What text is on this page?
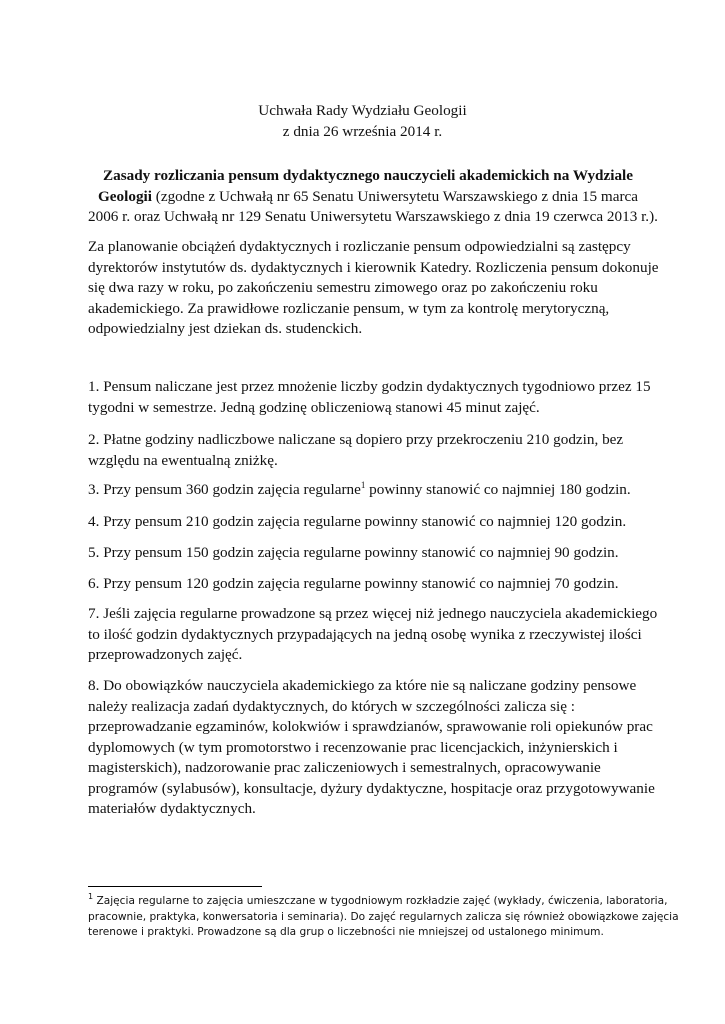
Uchwała Rady Wydziału Geologii
z dnia 26 września 2014 r.
Zasady rozliczania pensum dydaktycznego nauczycieli akademickich na Wydziale
Geologii (zgodne z Uchwałą nr 65 Senatu Uniwersytetu Warszawskiego z dnia 15 marca
2006 r. oraz Uchwałą nr 129 Senatu Uniwersytetu Warszawskiego z dnia 19 czerwca 2013 r.).
Za planowanie obciążeń dydaktycznych i rozliczanie pensum odpowiedzialni są zastępcy
dyrektorów instytutów ds. dydaktycznych i kierownik Katedry. Rozliczenia pensum dokonuje
się dwa razy w roku, po zakończeniu semestru zimowego oraz po zakończeniu roku
akademickiego. Za prawidłowe rozliczanie pensum, w tym za kontrolę merytoryczną,
odpowiedzialny jest dziekan ds. studenckich.
1. Pensum naliczane jest przez mnożenie liczby godzin dydaktycznych tygodniowo przez 15
tygodni w semestrze. Jedną godzinę obliczeniową stanowi 45 minut zajęć.
2. Płatne godziny nadliczbowe naliczane są dopiero przy przekroczeniu 210 godzin, bez
względu na ewentualną zniżkę.
3. Przy pensum 360 godzin zajęcia regularne$^1$ powinny stanowić co najmniej 180 godzin.
4. Przy pensum 210 godzin zajęcia regularne powinny stanowić co najmniej 120 godzin.
5. Przy pensum 150 godzin zajęcia regularne powinny stanowić co najmniej 90 godzin.
6. Przy pensum 120 godzin zajęcia regularne powinny stanowić co najmniej 70 godzin.
7. Jeśli zajęcia regularne prowadzone są przez więcej niż jednego nauczyciela akademickiego
to ilość godzin dydaktycznych przypadających na jedną osobę wynika z rzeczywistej ilości
przeprowadzonych zajęć.
8. Do obowiązków nauczyciela akademickiego za które nie są naliczane godziny pensowe
należy realizacja zadań dydaktycznych, do których w szczególności zalicza się :
przeprowadzanie egzaminów, kolokwiów i sprawdzianów, sprawowanie roli opiekunów prac
dyplomowych (w tym promotorstwo i recenzowanie prac licencjackich, inżynierskich i
magisterskich), nadzorowanie prac zaliczeniowych i semestralnych, opracowywanie
programów (sylabusów), konsultacje, dyżury dydaktyczne, hospitacje oraz przygotowywanie
materiałów dydaktycznych.
$^1$ Zajęcia regularne to zajęcia umieszczane w tygodniowym rozkładzie zajęć (wykłady, ćwiczenia, laboratoria,
pracownie, praktyka, konwersatoria i seminaria). Do zajęć regularnych zalicza się również obowiązkowe zajęcia
terenowe i praktyki. Prowadzone są dla grup o liczebności nie mniejszej od ustalonego minimum.
